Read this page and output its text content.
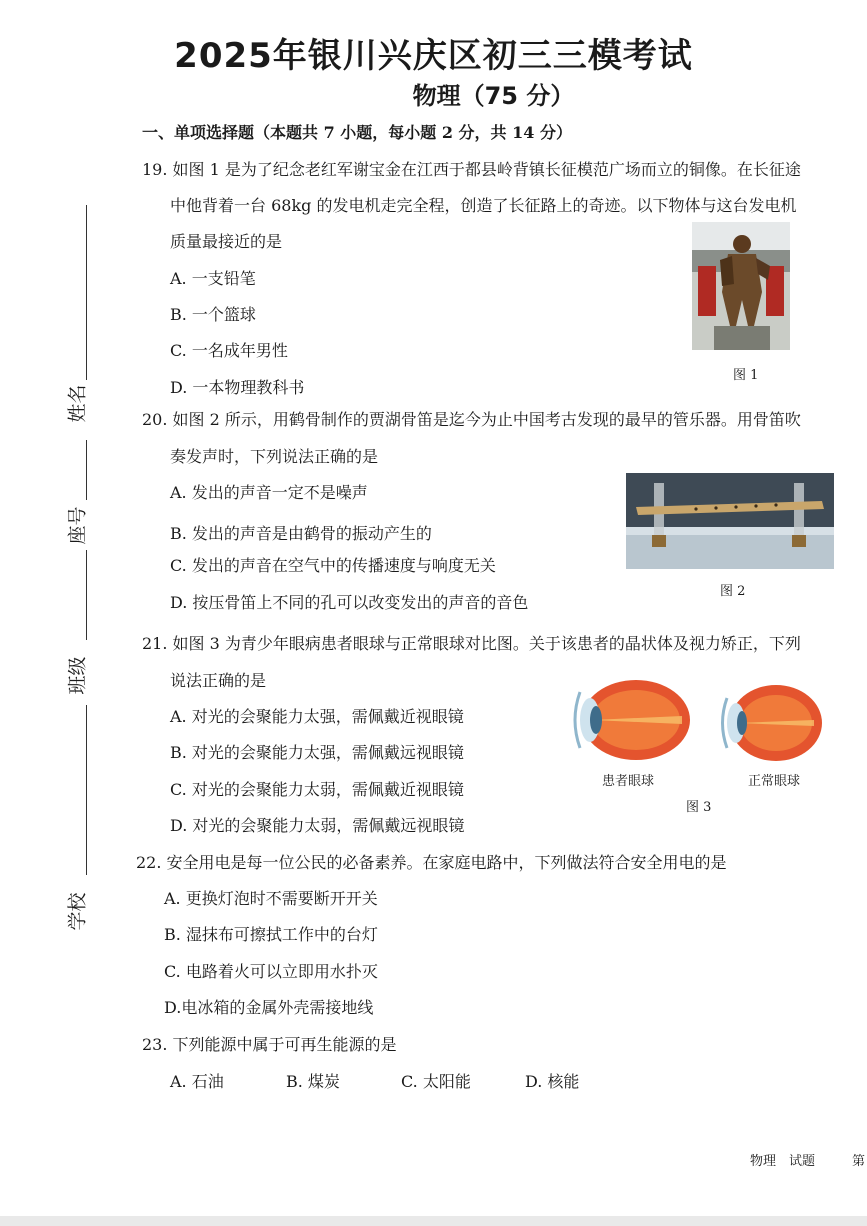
2025年银川兴庆区初三三模考试
物理（75 分）
一、单项选择题（本题共 7 小题，每小题 2 分，共 14 分）
姓名
座号
班级
学校
19. 如图 1 是为了纪念老红军谢宝金在江西于都县岭背镇长征模范广场而立的铜像。在长征途
中他背着一台 68kg 的发电机走完全程，创造了长征路上的奇迹。以下物体与这台发电机
质量最接近的是
A. 一支铅笔
B. 一个篮球
C. 一名成年男性
D. 一本物理教科书
图 1
20. 如图 2 所示，用鹤骨制作的贾湖骨笛是迄今为止中国考古发现的最早的管乐器。用骨笛吹
奏发声时，下列说法正确的是
A. 发出的声音一定不是噪声
B. 发出的声音是由鹤骨的振动产生的
C. 发出的声音在空气中的传播速度与响度无关
D. 按压骨笛上不同的孔可以改变发出的声音的音色
图 2
21. 如图 3 为青少年眼病患者眼球与正常眼球对比图。关于该患者的晶状体及视力矫正，下列
说法正确的是
A. 对光的会聚能力太强，需佩戴近视眼镜
B. 对光的会聚能力太强，需佩戴远视眼镜
C. 对光的会聚能力太弱，需佩戴近视眼镜
D. 对光的会聚能力太弱，需佩戴远视眼镜
患者眼球	正常眼球
图 3
22. 安全用电是每一位公民的必备素养。在家庭电路中，下列做法符合安全用电的是
A. 更换灯泡时不需要断开开关
B. 湿抹布可擦拭工作中的台灯
C. 电路着火可以立即用水扑灭
D.电冰箱的金属外壳需接地线
23. 下列能源中属于可再生能源的是
A. 石油	B. 煤炭	C. 太阳能	D. 核能
物理　试题	第
